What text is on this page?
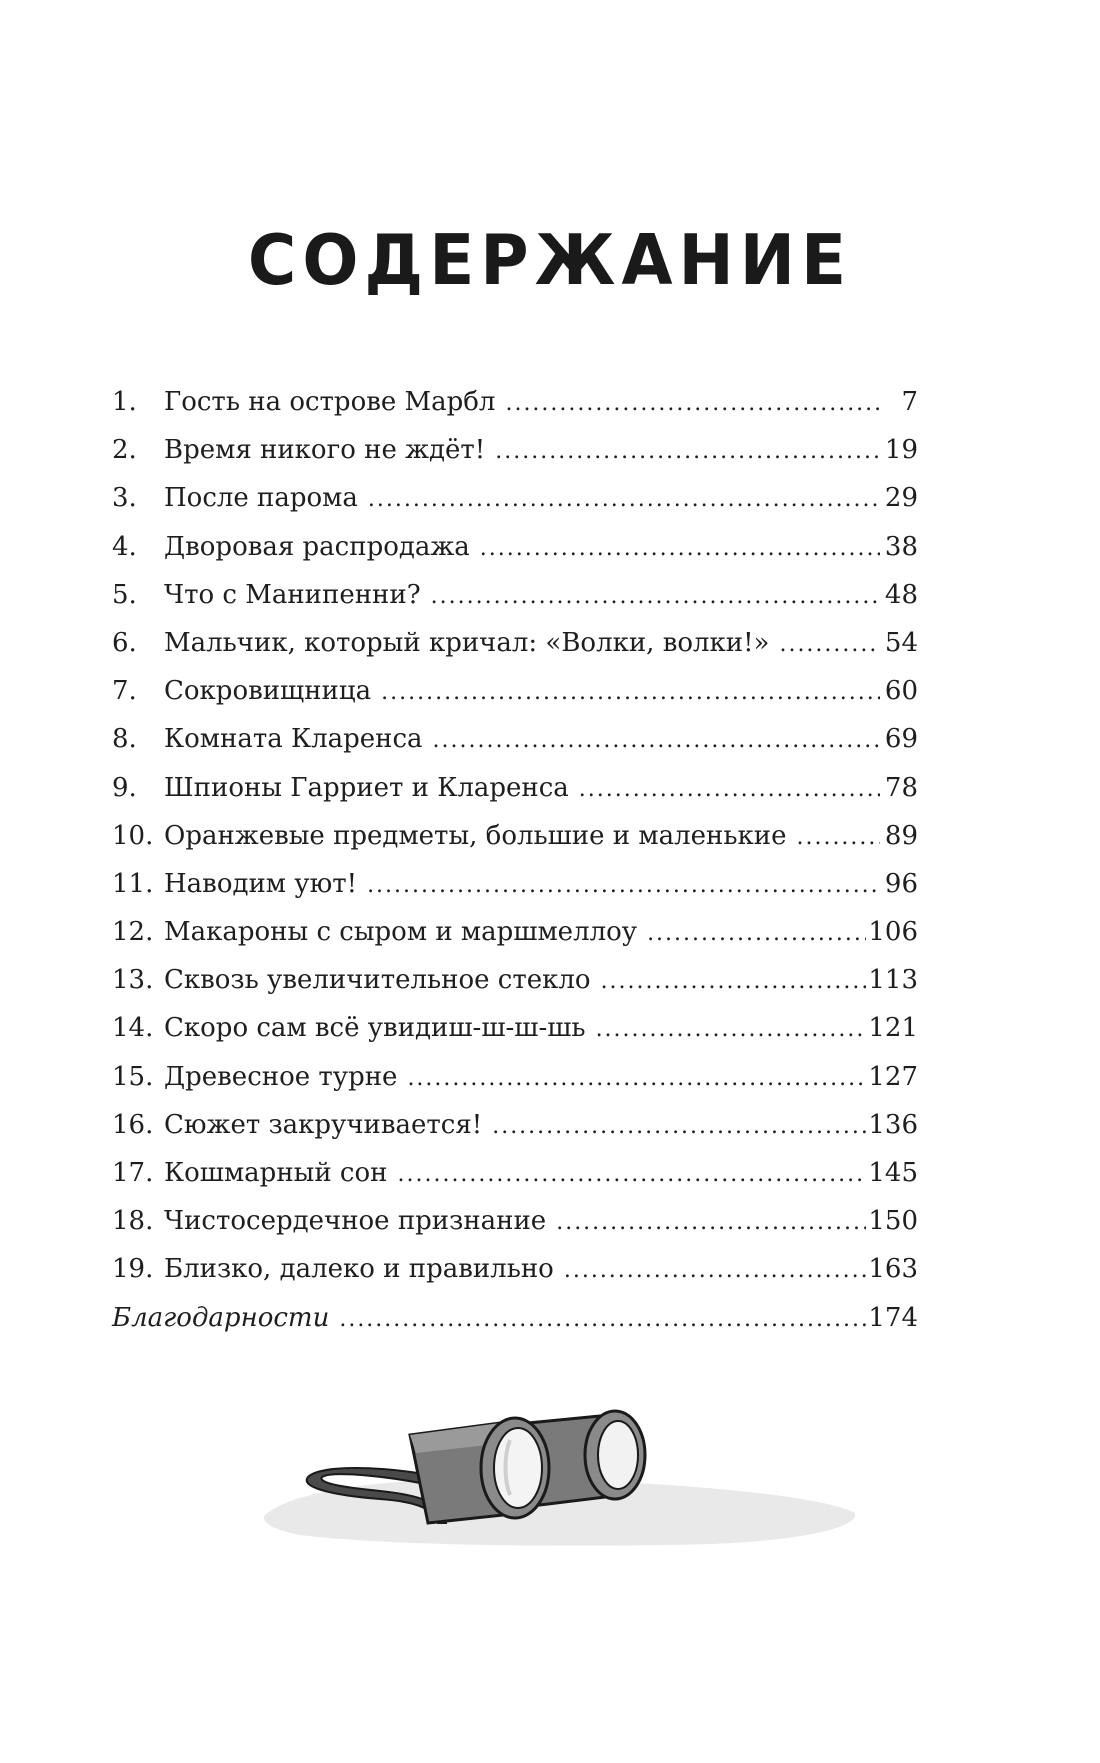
СОДЕРЖАНИЕ
1.	Гость на острове Марбл .....	7
2.	Время никого не ждёт! .....	19
3.	После парома .....	29
4.	Дворовая распродажа .....	38
5.	Что с Манипенни? .....	48
6.	Мальчик, который кричал: «Волки, волки!» .....	54
7.	Сокровищница .....	60
8.	Комната Кларенса .....	69
9.	Шпионы Гарриет и Кларенса .....	78
10. Оранжевые предметы, большие и маленькие .....	89
11. Наводим уют! .....	96
12. Макароны с сыром и маршмеллоу .....	106
13. Сквозь увеличительное стекло .....	113
14. Скоро сам всё увидиш-ш-ш-шь .....	121
15. Древесное турне .....	127
16. Сюжет закручивается! .....	136
17. Кошмарный сон .....	145
18. Чистосердечное признание .....	150
19. Близко, далеко и правильно .....	163
Благодарности .....	174
